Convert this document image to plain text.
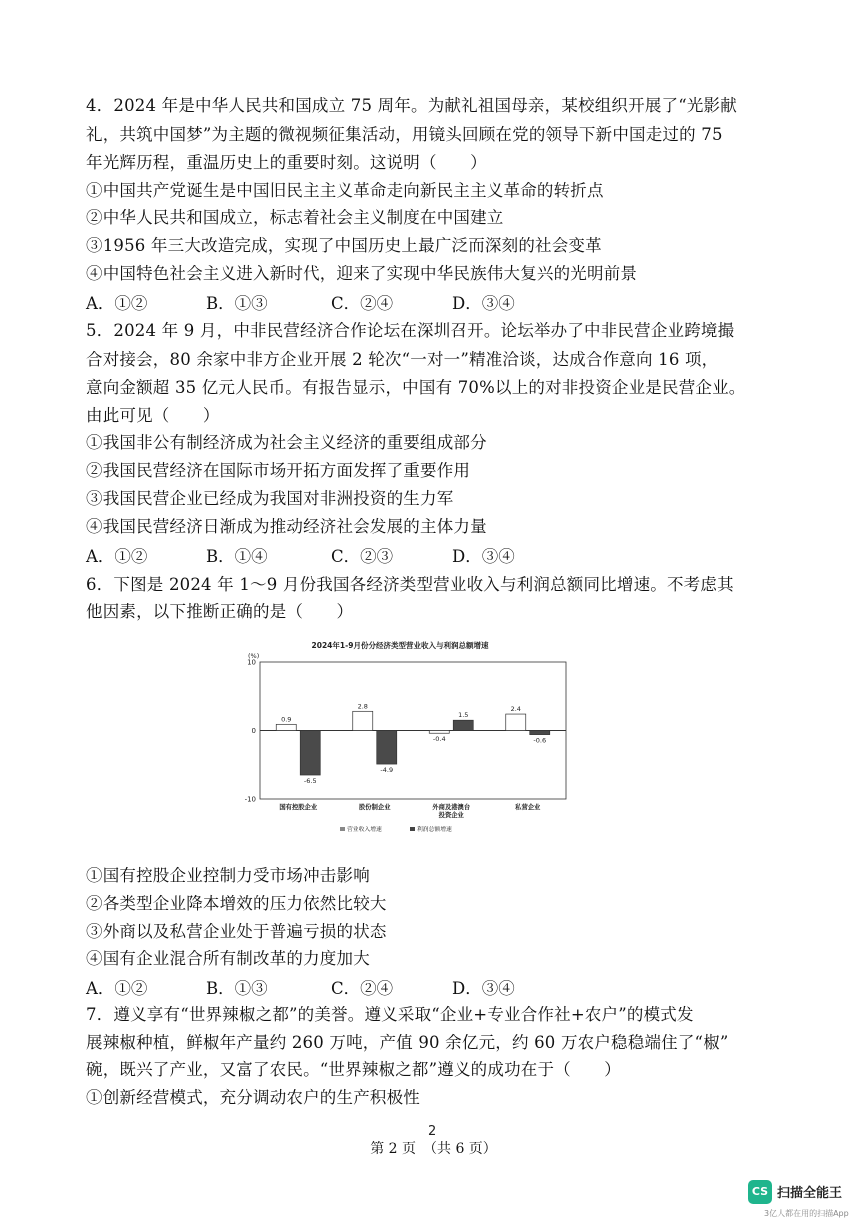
4．2024 年是中华人民共和国成立 75 周年。为献礼祖国母亲，某校组织开展了“光影献
礼，共筑中国梦”为主题的微视频征集活动，用镜头回顾在党的领导下新中国走过的 75
年光辉历程，重温历史上的重要时刻。这说明（　　）
①中国共产党诞生是中国旧民主主义革命走向新民主主义革命的转折点
②中华人民共和国成立，标志着社会主义制度在中国建立
③1956 年三大改造完成，实现了中国历史上最广泛而深刻的社会变革
④中国特色社会主义进入新时代，迎来了实现中华民族伟大复兴的光明前景
A．①②	B．①③	C．②④	D．③④
5．2024 年 9 月，中非民营经济合作论坛在深圳召开。论坛举办了中非民营企业跨境撮
合对接会，80 余家中非方企业开展 2 轮次“一对一”精准洽谈，达成合作意向 16 项，
意向金额超 35 亿元人民币。有报告显示，中国有 70%以上的对非投资企业是民营企业。
由此可见（　　）
①我国非公有制经济成为社会主义经济的重要组成部分
②我国民营经济在国际市场开拓方面发挥了重要作用
③我国民营企业已经成为我国对非洲投资的生力军
④我国民营经济日渐成为推动经济社会发展的主体力量
A．①②	B．①④	C．②③	D．③④
6．下图是 2024 年 1～9 月份我国各经济类型营业收入与利润总额同比增速。不考虑其
他因素，以下推断正确的是（　　）
2024年1-9月份分经济类型营业收入与利润总额增速
(%)
10
0
-10
0.9
-6.5
国有控股企业
2.8
-4.9
股份制企业
-0.4
1.5
外商及港澳台
投资企业
2.4
-0.6
私营企业
营业收入增速	利润总额增速
①国有控股企业控制力受市场冲击影响
②各类型企业降本增效的压力依然比较大
③外商以及私营企业处于普遍亏损的状态
④国有企业混合所有制改革的力度加大
A．①②	B．①③	C．②④	D．③④
7．遵义享有“世界辣椒之都”的美誉。遵义采取“企业+专业合作社+农户”的模式发
展辣椒种植，鲜椒年产量约 260 万吨，产值 90 余亿元，约 60 万农户稳稳端住了“椒”
碗，既兴了产业，又富了农民。“世界辣椒之都”遵义的成功在于（　　）
①创新经营模式，充分调动农户的生产积极性
2
第 2 页　（共 6 页）
CS 扫描全能王
3亿人都在用的扫描App
